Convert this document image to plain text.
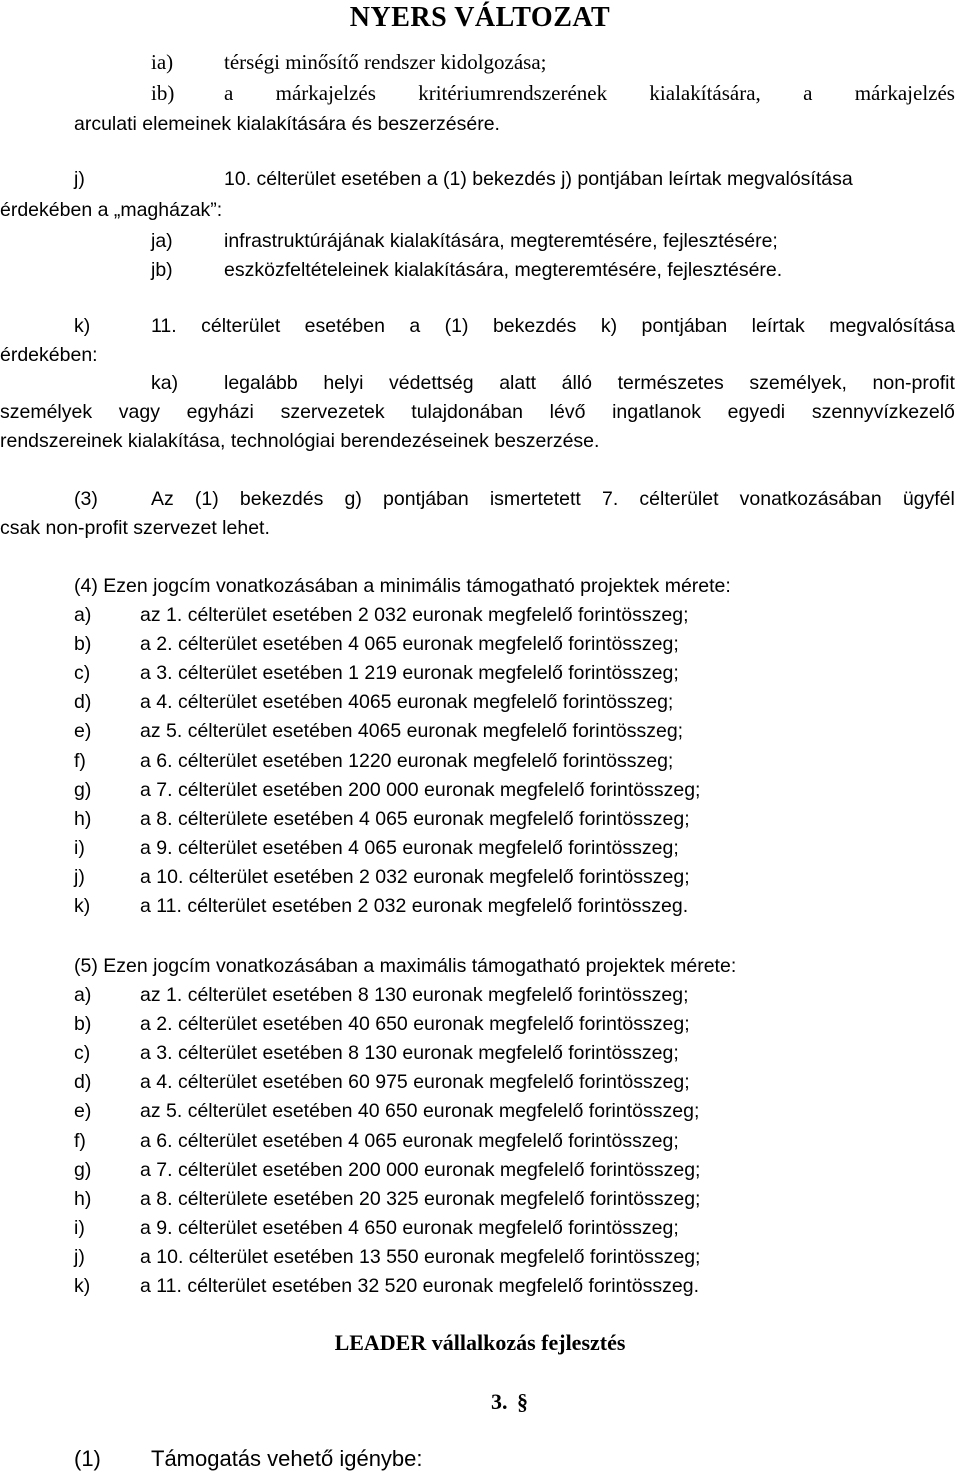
NYERS VÁLTOZAT
ia) térségi minősítő rendszer kidolgozása;
ib) a márkajelzés kritériumrendszerének kialakítására, a márkajelzés
arculati elemeinek kialakítására és beszerzésére.
j)	10. célterület esetében a (1) bekezdés j) pontjában leírtak megvalósítása
érdekében a „magházak”:
ja)	infrastruktúrájának kialakítására, megteremtésére, fejlesztésére;
jb)	eszközfeltételeinek kialakítására, megteremtésére, fejlesztésére.
k)	11. célterület esetében a (1) bekezdés k) pontjában leírtak megvalósítása
érdekében:
ka) legalább helyi védettség alatt álló természetes személyek, non-profit
személyek vagy egyházi szervezetek tulajdonában lévő ingatlanok egyedi szennyvízkezelő
rendszereinek kialakítása, technológiai berendezéseinek beszerzése.
(3)	Az (1) bekezdés g) pontjában ismertetett 7. célterület vonatkozásában ügyfél
csak non-profit szervezet lehet.
(4) Ezen jogcím vonatkozásában a minimális támogatható projektek mérete:
a) az 1. célterület esetében 2 032 euronak megfelelő forintösszeg;
b) a 2. célterület esetében 4 065 euronak megfelelő forintösszeg;
c)	a 3. célterület esetében 1 219 euronak megfelelő forintösszeg;
d) a 4. célterület esetében 4065 euronak megfelelő forintösszeg;
e) az 5. célterület esetében 4065 euronak megfelelő forintösszeg;
f)	a 6. célterület esetében 1220 euronak megfelelő forintösszeg;
g) a 7. célterület esetében 200 000 euronak megfelelő forintösszeg;
h) a 8. célterülete esetében 4 065 euronak megfelelő forintösszeg;
i)	a 9. célterület esetében 4 065 euronak megfelelő forintösszeg;
j)	a 10. célterület esetében 2 032 euronak megfelelő forintösszeg;
k)	a 11. célterület esetében 2 032 euronak megfelelő forintösszeg.
(5) Ezen jogcím vonatkozásában a maximális támogatható projektek mérete:
a) az 1. célterület esetében 8 130 euronak megfelelő forintösszeg;
b) a 2. célterület esetében 40 650 euronak megfelelő forintösszeg;
c)	a 3. célterület esetében 8 130 euronak megfelelő forintösszeg;
d) a 4. célterület esetében 60 975 euronak megfelelő forintösszeg;
e) az 5. célterület esetében 40 650 euronak megfelelő forintösszeg;
f)	a 6. célterület esetében 4 065 euronak megfelelő forintösszeg;
g) a 7. célterület esetében 200 000 euronak megfelelő forintösszeg;
h) a 8. célterülete esetében 20 325 euronak megfelelő forintösszeg;
i)	a 9. célterület esetében 4 650 euronak megfelelő forintösszeg;
j)	a 10. célterület esetében 13 550 euronak megfelelő forintösszeg;
k)	a 11. célterület esetében 32 520 euronak megfelelő forintösszeg.
LEADER vállalkozás fejlesztés
3. §
(1) Támogatás vehető igénybe:
